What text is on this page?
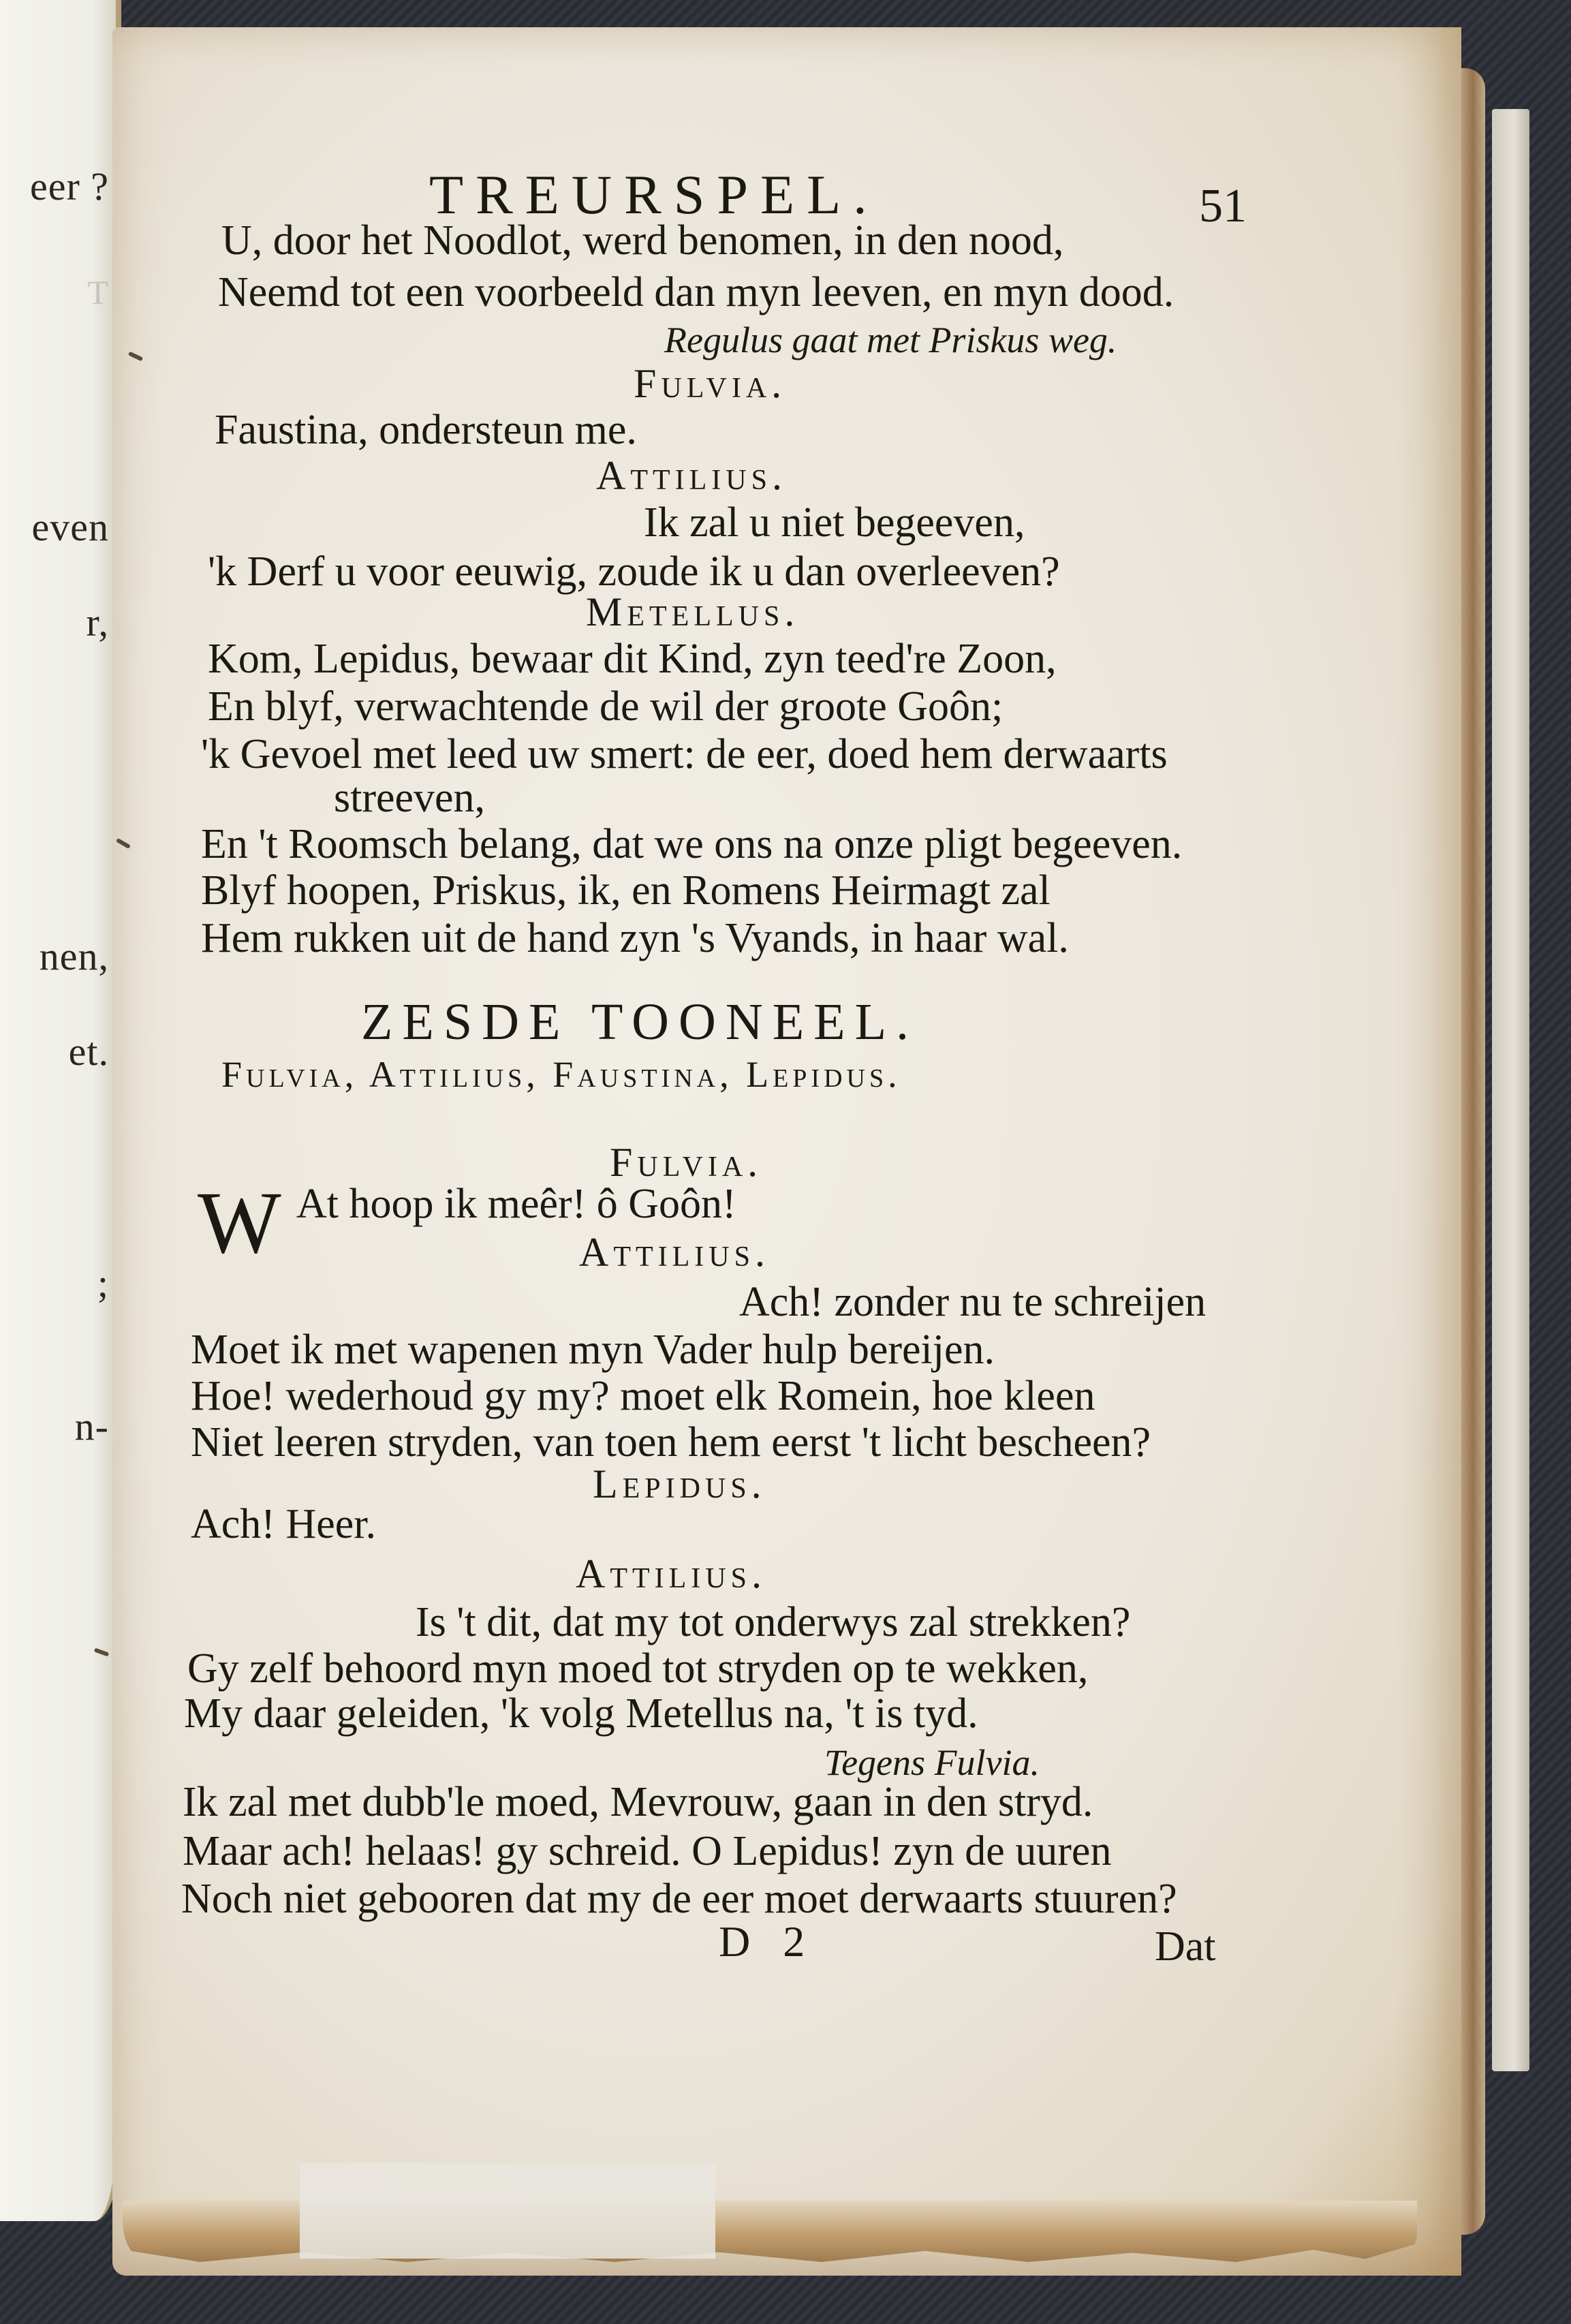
eer ?
T
even
r,
nen,
et.
;
n-
TREURSPEL.	51
U, door het Noodlot, werd benomen, in den nood,
Neemd tot een voorbeeld dan myn leeven, en myn dood.
Regulus gaat met Priskus weg.
Fulvia.
Faustina, ondersteun me.
Attilius.
Ik zal u niet begeeven,
'k Derf u voor eeuwig, zoude ik u dan overleeven?
Metellus.
Kom, Lepidus, bewaar dit Kind, zyn teed're Zoon,
En blyf, verwachtende de wil der groote Goôn;
'k Gevoel met leed uw smert: de eer, doed hem derwaarts
streeven,
En 't Roomsch belang, dat we ons na onze pligt begeeven.
Blyf hoopen, Priskus, ik, en Romens Heirmagt zal
Hem rukken uit de hand zyn 's Vyands, in haar wal.
ZESDE TOONEEL.
Fulvia, Attilius, Faustina, Lepidus.
Fulvia.
W At hoop ik meêr! ô Goôn!
Attilius.
Ach! zonder nu te schreijen
Moet ik met wapenen myn Vader hulp bereijen.
Hoe! wederhoud gy my? moet elk Romein, hoe kleen
Niet leeren stryden, van toen hem eerst 't licht bescheen?
Lepidus.
Ach! Heer.
Attilius.
Is 't dit, dat my tot onderwys zal strekken?
Gy zelf behoord myn moed tot stryden op te wekken,
My daar geleiden, 'k volg Metellus na, 't is tyd.
Tegens Fulvia.
Ik zal met dubb'le moed, Mevrouw, gaan in den stryd.
Maar ach! helaas! gy schreid. O Lepidus! zyn de uuren
Noch niet gebooren dat my de eer moet derwaarts stuuren?
D 2	Dat
